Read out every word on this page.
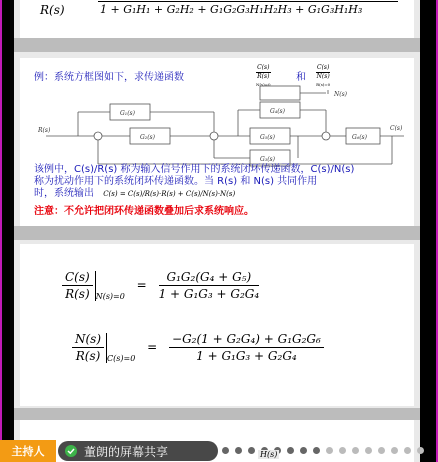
R(s)	1 + G₁H₁ + G₂H₂ + G₁G₂G₃H₁H₂H₃ + G₁G₃H₁H₃
例：系统方框图如下，求传递函数
C(s)
R(s)
N(s)=0
和
C(s)
N(s)
R(s)=0
R(s)	C(s)
N(s)
G₁(s)
G₂(s)
G₃(s)
G₄(s)
G₅(s)	G₆(s)
该例中，C(s)/R(s) 称为输入信号作用下的系统闭环传递函数，C(s)/N(s)
称为扰动作用下的系统闭环传递函数。当 R(s) 和 N(s) 共同作用
时，系统输出 C(s) = C(s)/R(s)·R(s) + C(s)/N(s)·N(s)
注意：不允许把闭环传递函数叠加后求系统响应。
$\frac{C(s)}{R(s)} N(s)=0 = \frac{\text{G₁G₂(G₄ + G₅)}}{\text{1 + G₁G₃ + G₂G₄}}$
$\frac{N(s)}{R(s)} C(s)=0 = \frac{\text{−G₂(1 + G₂G₄) + G₁G₂G₆}}{\text{1 + G₁G₃ + G₂G₄}}$
主持人	董朗的屏幕共享	H(s)
